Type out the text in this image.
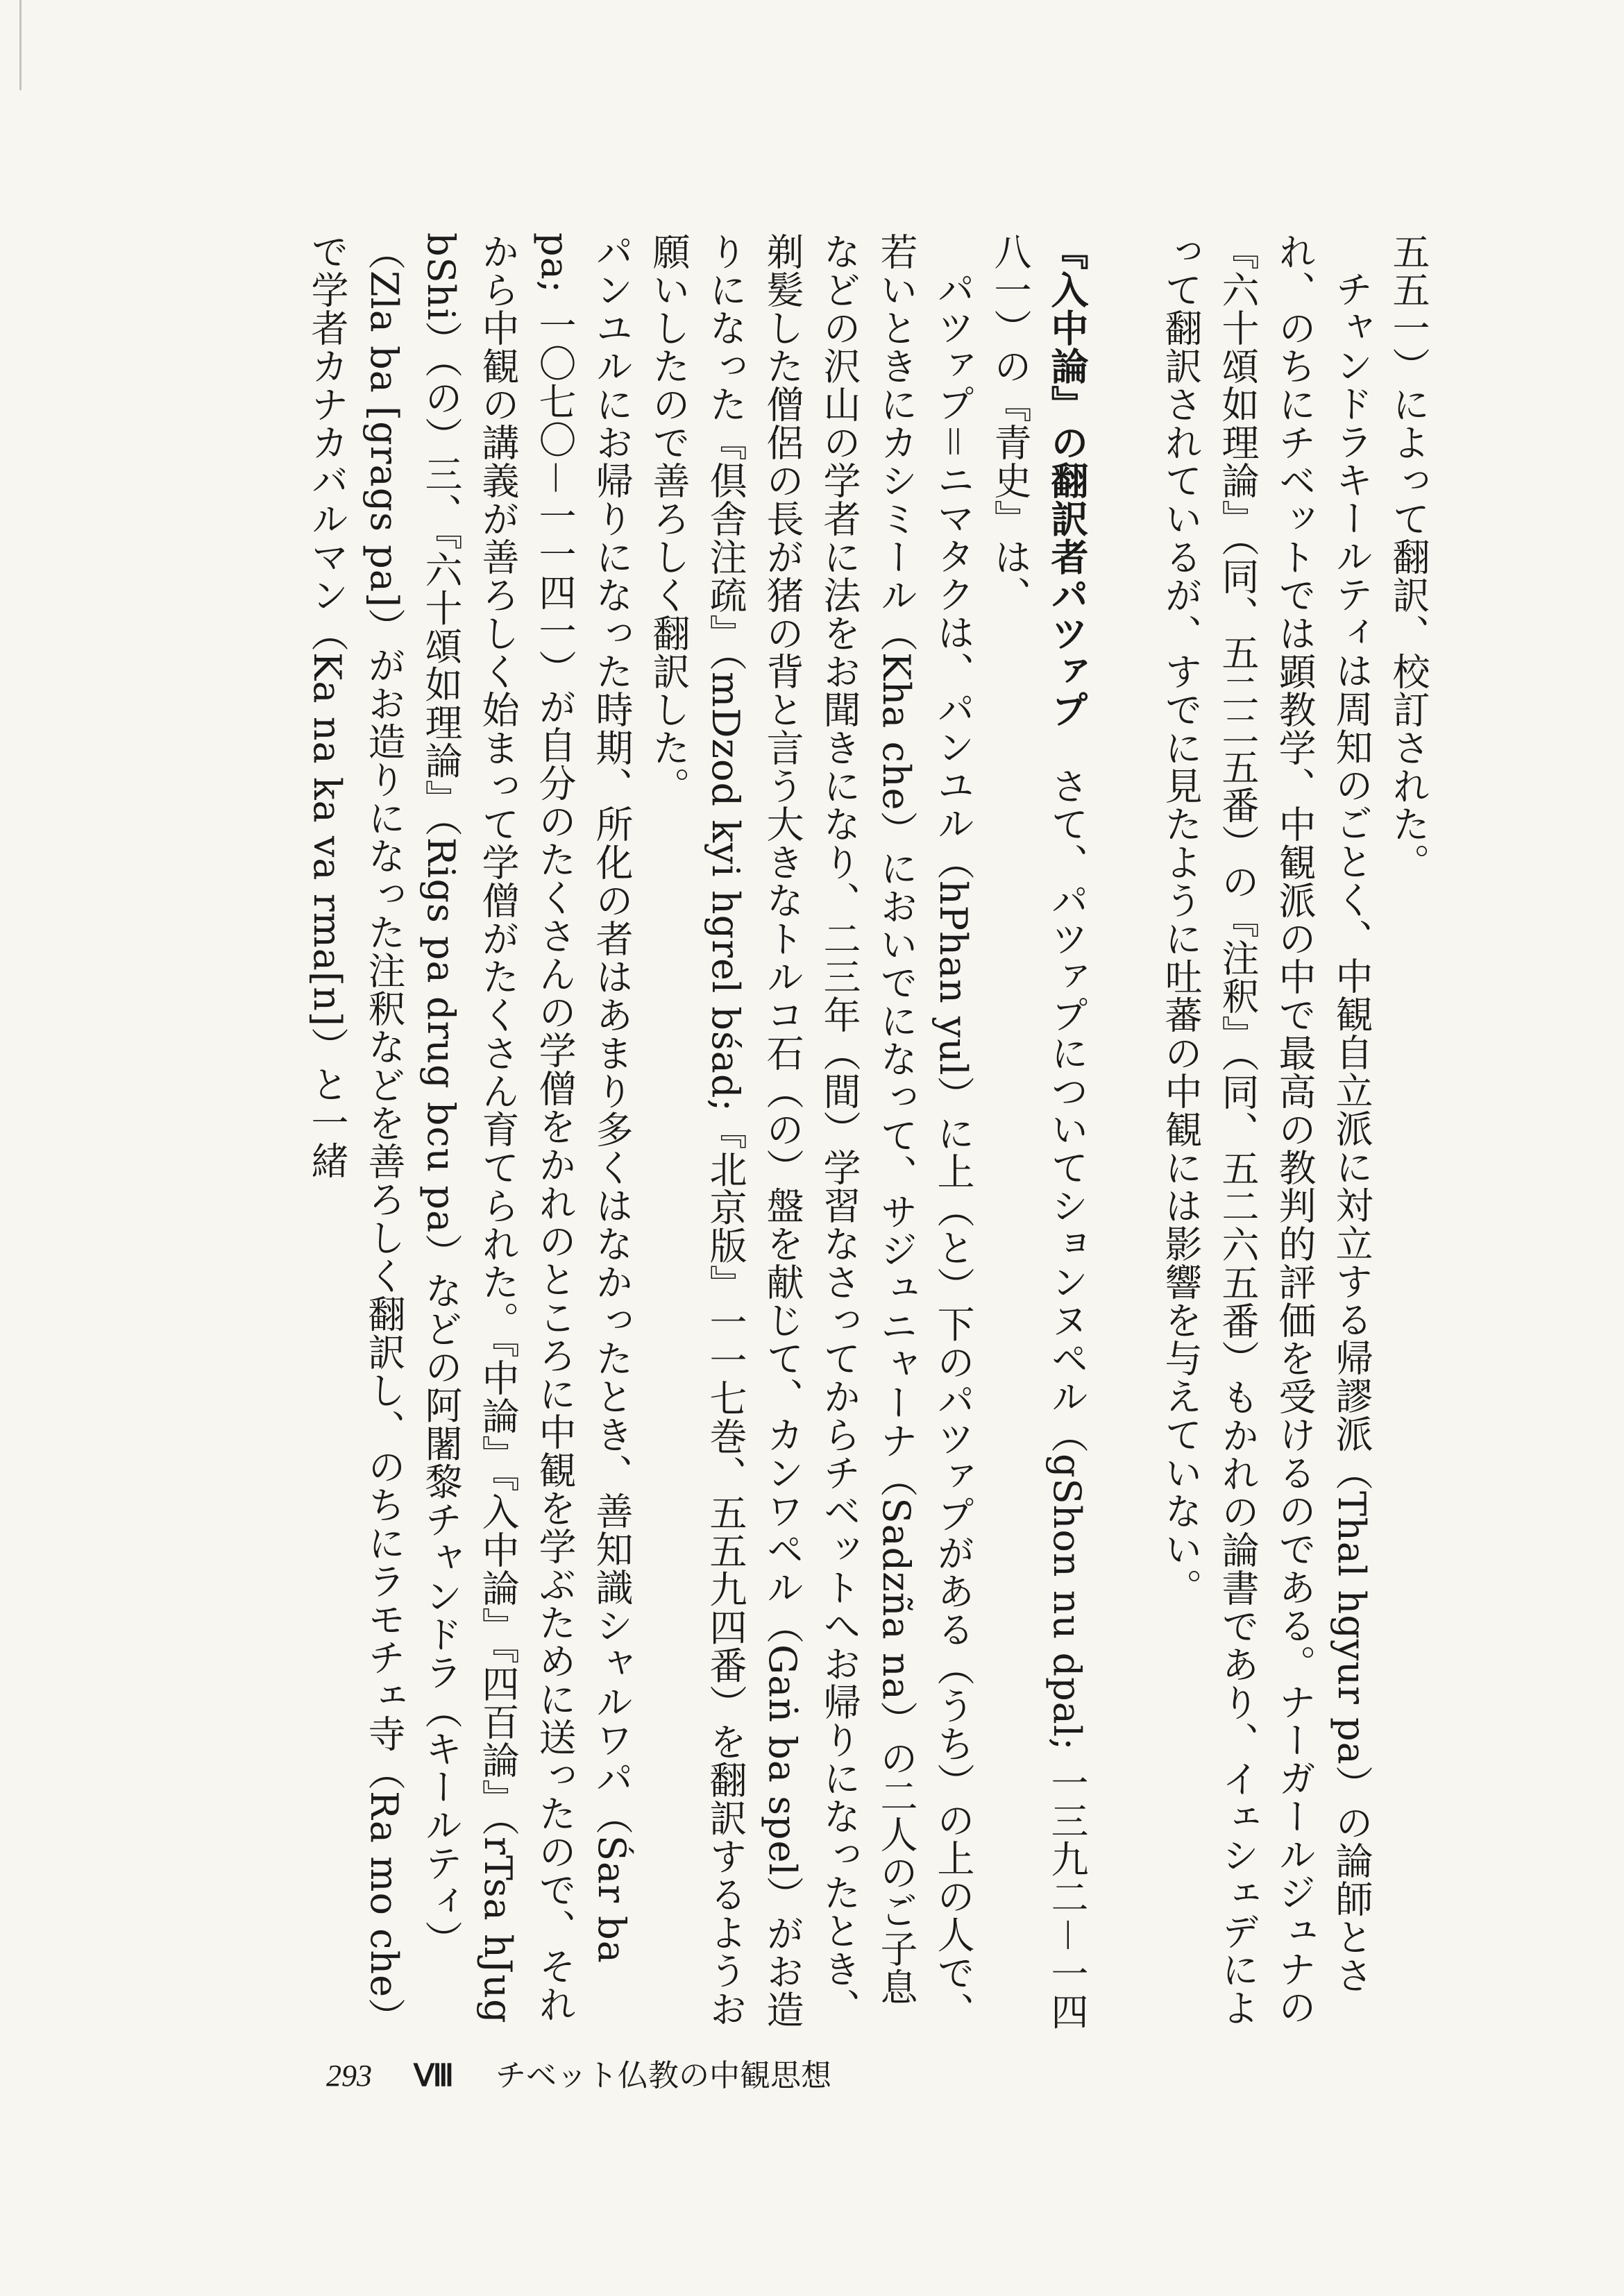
五五一）によって翻訳、校訂された。

チャンドラキールティは周知のごとく、中観自立派に対立する帰謬派（Thal hgyur pa）の論師とされ、のちにチベットでは顕教学、中観派の中で最高の教判的評価を受けるのである。ナーガールジュナの『六十頌如理論』（同、五二二五番）の『注釈』（同、五二六五番）もかれの論書であり、イェシェデによって翻訳されているが、すでに見たように吐蕃の中観には影響を与えていない。

『入中論』の翻訳者パツァプ　さて、パツァプについてションヌペル（gShon nu dpal; 一三九二－一四八一）の『青史』は、

パツァプ＝ニマタクは、パンユル（hPhan yul）に上（と）下のパツァプがある（うち）の上の人で、若いときにカシミール（Kha che）においでになって、サジュニャーナ（Sadzña na）の二人のご子息などの沢山の学者に法をお聞きになり、二三年（間）学習なさってからチベットへお帰りになったとき、剃髪した僧侶の長が猪の背と言う大きなトルコ石（の）盤を献じて、カンワペル（Gaṅ ba spel）がお造りになった『倶舎注疏』（mDzod kyi hgrel bśad;『北京版』一一七巻、五五九四番）を翻訳するようお願いしたので善ろしく翻訳した。

パンユルにお帰りになった時期、所化の者はあまり多くはなかったとき、善知識シャルワパ（Śar ba pa; 一〇七〇－一一四一）が自分のたくさんの学僧をかれのところに中観を学ぶために送ったので、それから中観の講義が善ろしく始まって学僧がたくさん育てられた。『中論』『入中論』『四百論』（rTsa hJug bShi）（の）三、『六十頌如理論』（Rigs pa drug bcu pa）などの阿闍黎チャンドラ（キールティ）（Zla ba [grags pa]）がお造りになった注釈などを善ろしく翻訳し、のちにラモチェ寺（Ra mo che）で学者カナカバルマン（Ka na ka va rma[n]）と一緒

293 Ⅷ チベット仏教の中観思想
